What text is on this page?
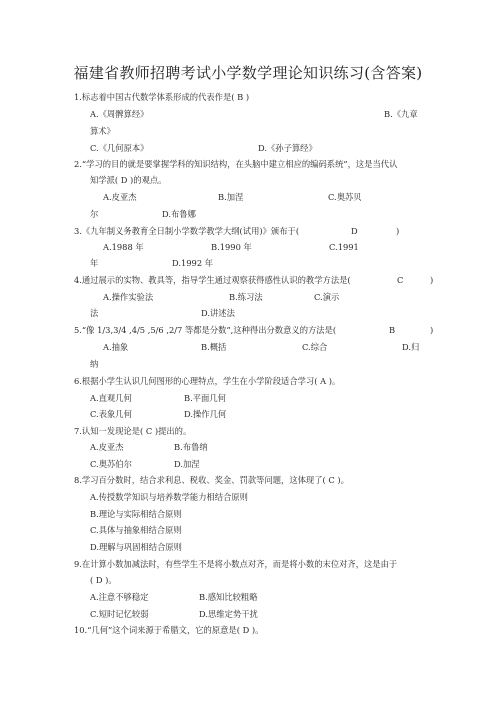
福建省教师招聘考试小学数学理论知识练习(含答案)
1.标志着中国古代数学体系形成的代表作是( B )
A.《周髀算经》	B.《九章
算术》
C.《几何原本》	D.《孙子算经》
2.“学习的目的就是要掌握学科的知识结构，在头脑中建立相应的编码系统”，这是当代认
知学派( D )的观点。
A.皮亚杰	B.加涅	C.奥苏贝
尔	D.布鲁娜
3.《九年制义务教育全日制小学数学教学大纲(试用)》颁布于(	D	)
A.1988 年	B.1990 年	C.1991
年	D.1992 年
4.通过展示的实物、教具等，指导学生通过观察获得感性认识的教学方法是(	C	)
A.操作实验法	B.练习法	C.演示
法	D.讲述法
5.“像 1/3,3/4 ,4/5 ,5/6 ,2/7 等都是分数”,这种得出分数意义的方法是(	B	)
A.抽象	B.概括	C.综合	D.归
纳
6.根据小学生认识几何图形的心理特点，学生在小学阶段适合学习( A )。
A.直观几何	B.平面几何
C.表象几何	D.操作几何
7.认知一发现论是( C )提出的。
A.皮亚杰	B.布鲁纳
C.奥苏伯尔	D.加涅
8.学习百分数时，结合求利息、税收、奖金、罚款等问题，这体现了( C )。
A.传授数学知识与培养数学能力相结合原则
B.理论与实际相结合原则
C.具体与抽象相结合原则
D.理解与巩固相结合原则
9.在计算小数加减法时，有些学生不是将小数点对齐，而是将小数的末位对齐，这是由于
( D )。
A.注意不够稳定	B.感知比较粗略
C.短时记忆较弱	D.思维定势干扰
10.“几何”这个词来源于希腊文，它的原意是( D )。
